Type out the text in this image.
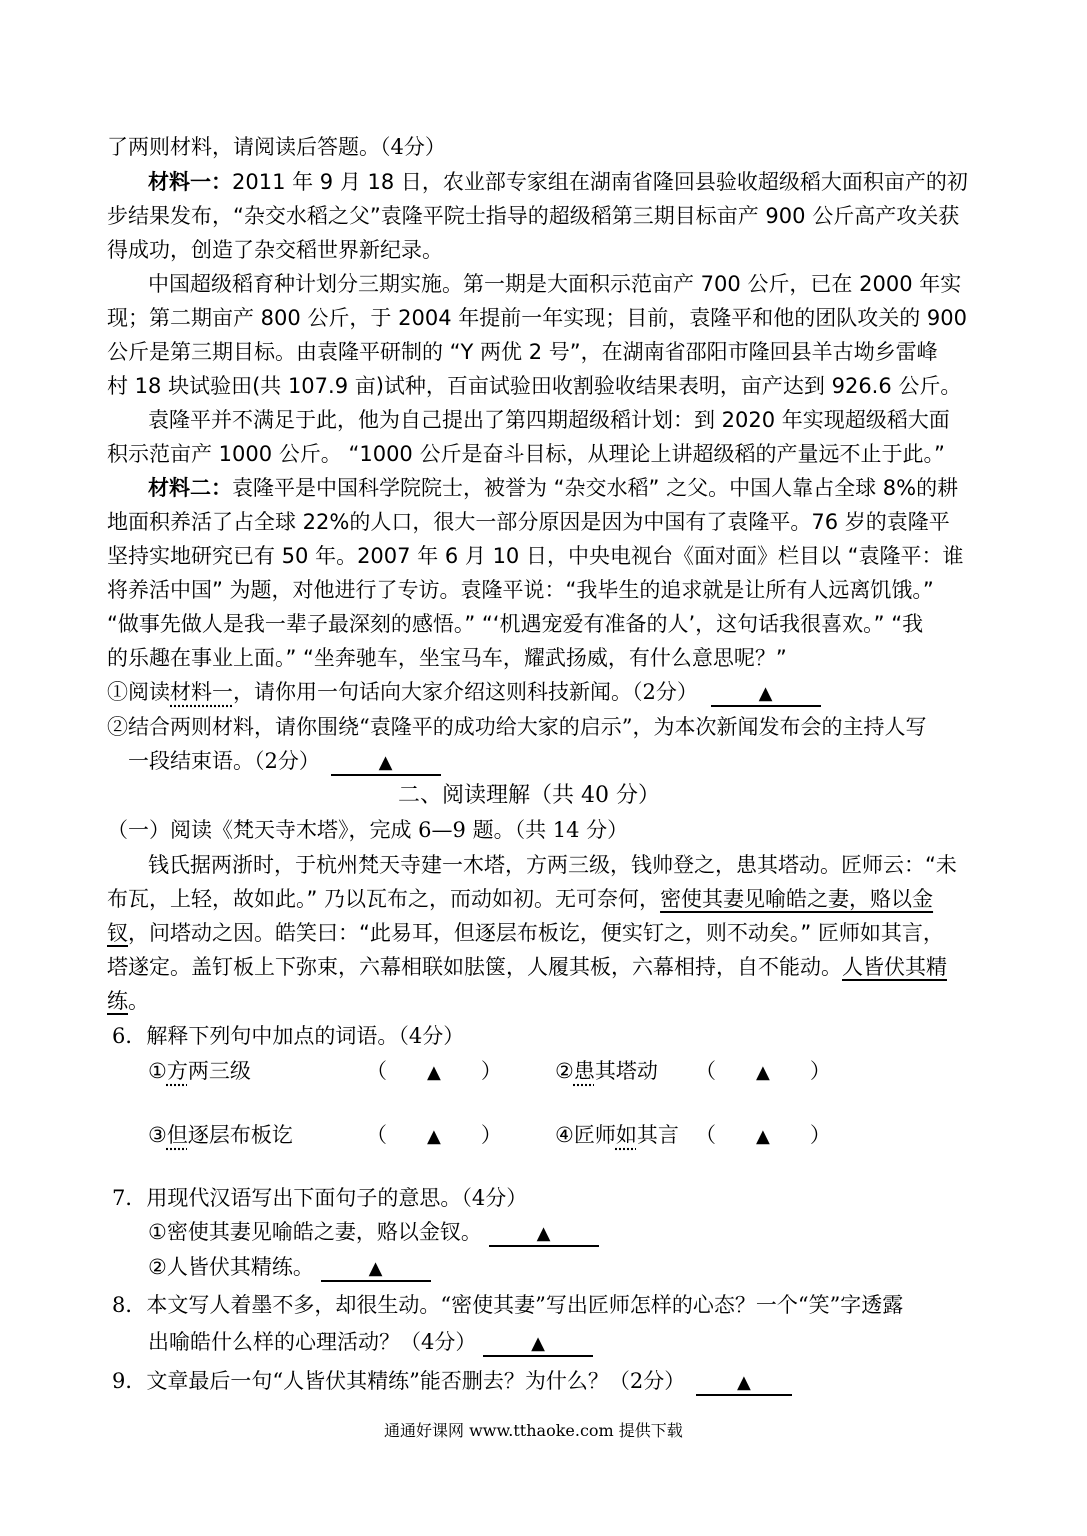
了两则材料，请阅读后答题。（4分）
材料一：2011 年 9 月 18 日，农业部专家组在湖南省隆回县验收超级稻大面积亩产的初
步结果发布，“杂交水稻之父”袁隆平院士指导的超级稻第三期目标亩产 900 公斤高产攻关获
得成功，创造了杂交稻世界新纪录。
中国超级稻育种计划分三期实施。第一期是大面积示范亩产 700 公斤，已在 2000 年实
现；第二期亩产 800 公斤，于 2004 年提前一年实现；目前，袁隆平和他的团队攻关的 900
公斤是第三期目标。由袁隆平研制的 “Y 两优 2 号”，在湖南省邵阳市隆回县羊古坳乡雷峰
村 18 块试验田(共 107.9 亩)试种，百亩试验田收割验收结果表明，亩产达到 926.6 公斤。
袁隆平并不满足于此，他为自己提出了第四期超级稻计划：到 2020 年实现超级稻大面
积示范亩产 1000 公斤。 “1000 公斤是奋斗目标，从理论上讲超级稻的产量远不止于此。”
材料二：袁隆平是中国科学院院士，被誉为 “杂交水稻” 之父。中国人靠占全球 8%的耕
地面积养活了占全球 22%的人口，很大一部分原因是因为中国有了袁隆平。76 岁的袁隆平
坚持实地研究已有 50 年。2007 年 6 月 10 日，中央电视台《面对面》栏目以 “袁隆平：谁
将养活中国” 为题，对他进行了专访。袁隆平说：“我毕生的追求就是让所有人远离饥饿。”
“做事先做人是我一辈子最深刻的感悟。” “‘机遇宠爱有准备的人’，这句话我很喜欢。” “我
的乐趣在事业上面。” “坐奔驰车，坐宝马车，耀武扬威，有什么意思呢？”
①阅读材料一，请你用一句话向大家介绍这则科技新闻。（2分）	▲
②结合两则材料，请你围绕“袁隆平的成功给大家的启示”，为本次新闻发布会的主持人写
一段结束语。（2分）	▲
二、阅读理解（共 40 分）
（一）阅读《梵天寺木塔》，完成 6—9 题。（共 14 分）
钱氏据两浙时，于杭州梵天寺建一木塔，方两三级，钱帅登之，患其塔动。匠师云：“未
布瓦，上轻，故如此。” 乃以瓦布之，而动如初。无可奈何，密使其妻见喻皓之妻，赂以金
钗，问塔动之因。皓笑曰：“此易耳，但逐层布板讫，便实钉之，则不动矣。” 匠师如其言，
塔遂定。盖钉板上下弥束，六幕相联如胠箧，人履其板，六幕相持，自不能动。人皆伏其精
练。
6．解释下列句中加点的词语。（4分）
①方两三级	（ ▲ ）	②患其塔动 （ ▲ ）
③但逐层布板讫	（ ▲ ）	④匠师如其言 （ ▲ ）
7．用现代汉语写出下面句子的意思。（4分）
①密使其妻见喻皓之妻，赂以金钗。	▲
②人皆伏其精练。	▲
8．本文写人着墨不多，却很生动。“密使其妻”写出匠师怎样的心态？一个“笑”字透露
出喻皓什么样的心理活动？（4分）	▲
9．文章最后一句“人皆伏其精练”能否删去？为什么？（2分）	▲
通通好课网 www.tthaoke.com 提供下载
